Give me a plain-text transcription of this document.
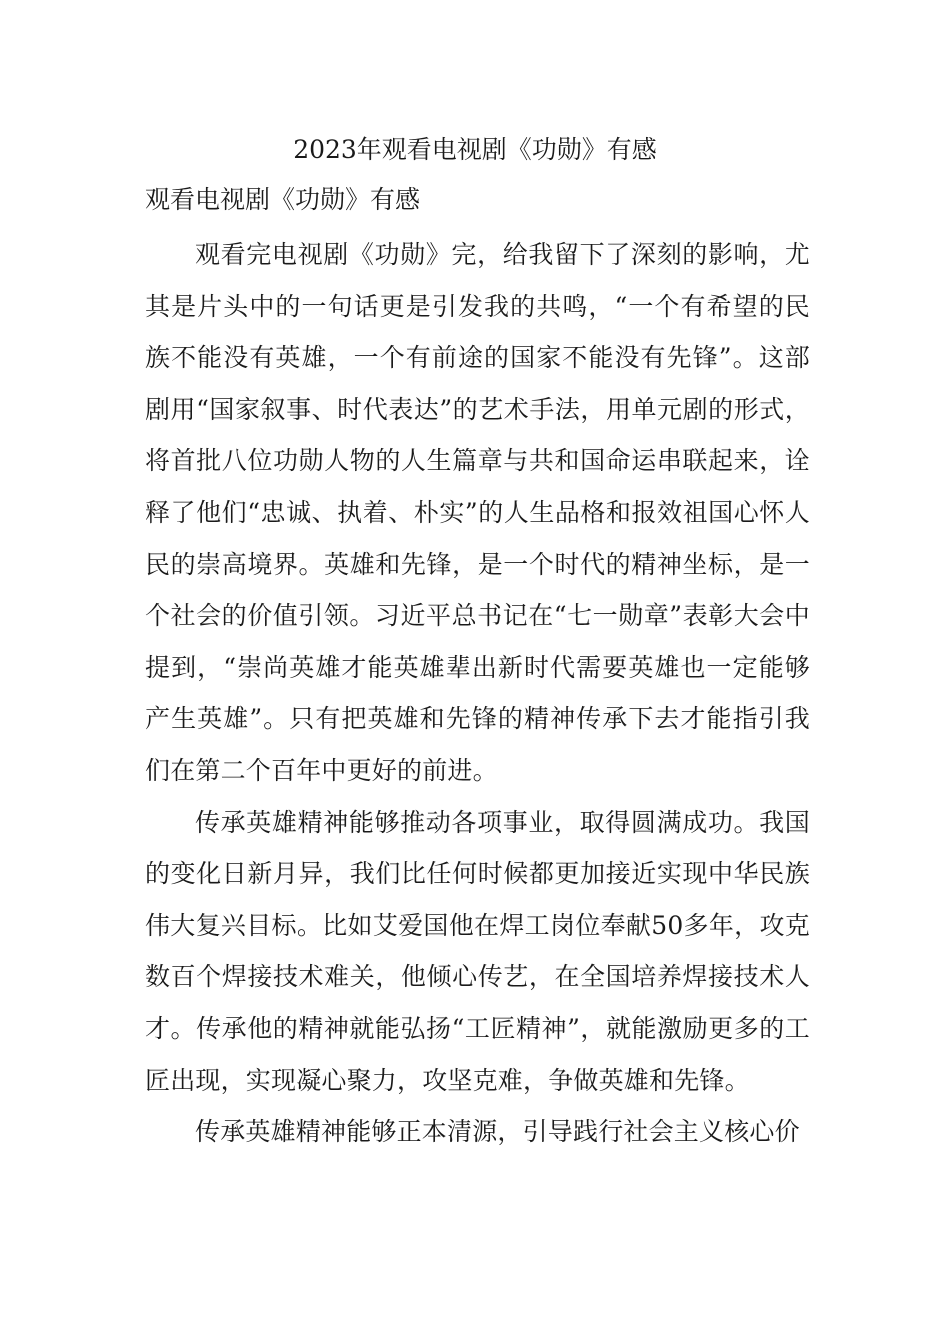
2023年观看电视剧《功勋》有感

观看电视剧《功勋》有感

观看完电视剧《功勋》完，给我留下了深刻的影响，尤其是片头中的一句话更是引发我的共鸣，“一个有希望的民族不能没有英雄，一个有前途的国家不能没有先锋”。这部剧用“国家叙事、时代表达”的艺术手法，用单元剧的形式，将首批八位功勋人物的人生篇章与共和国命运串联起来，诠释了他们“忠诚、执着、朴实”的人生品格和报效祖国心怀人民的崇高境界。英雄和先锋，是一个时代的精神坐标，是一个社会的价值引领。习近平总书记在“七一勋章”表彰大会中提到，“崇尚英雄才能英雄辈出新时代需要英雄也一定能够产生英雄”。只有把英雄和先锋的精神传承下去才能指引我们在第二个百年中更好的前进。

传承英雄精神能够推动各项事业，取得圆满成功。我国的变化日新月异，我们比任何时候都更加接近实现中华民族伟大复兴目标。比如艾爱国他在焊工岗位奉献50多年，攻克数百个焊接技术难关，他倾心传艺，在全国培养焊接技术人才。传承他的精神就能弘扬“工匠精神”，就能激励更多的工匠出现，实现凝心聚力，攻坚克难，争做英雄和先锋。

传承英雄精神能够正本清源，引导践行社会主义核心价
